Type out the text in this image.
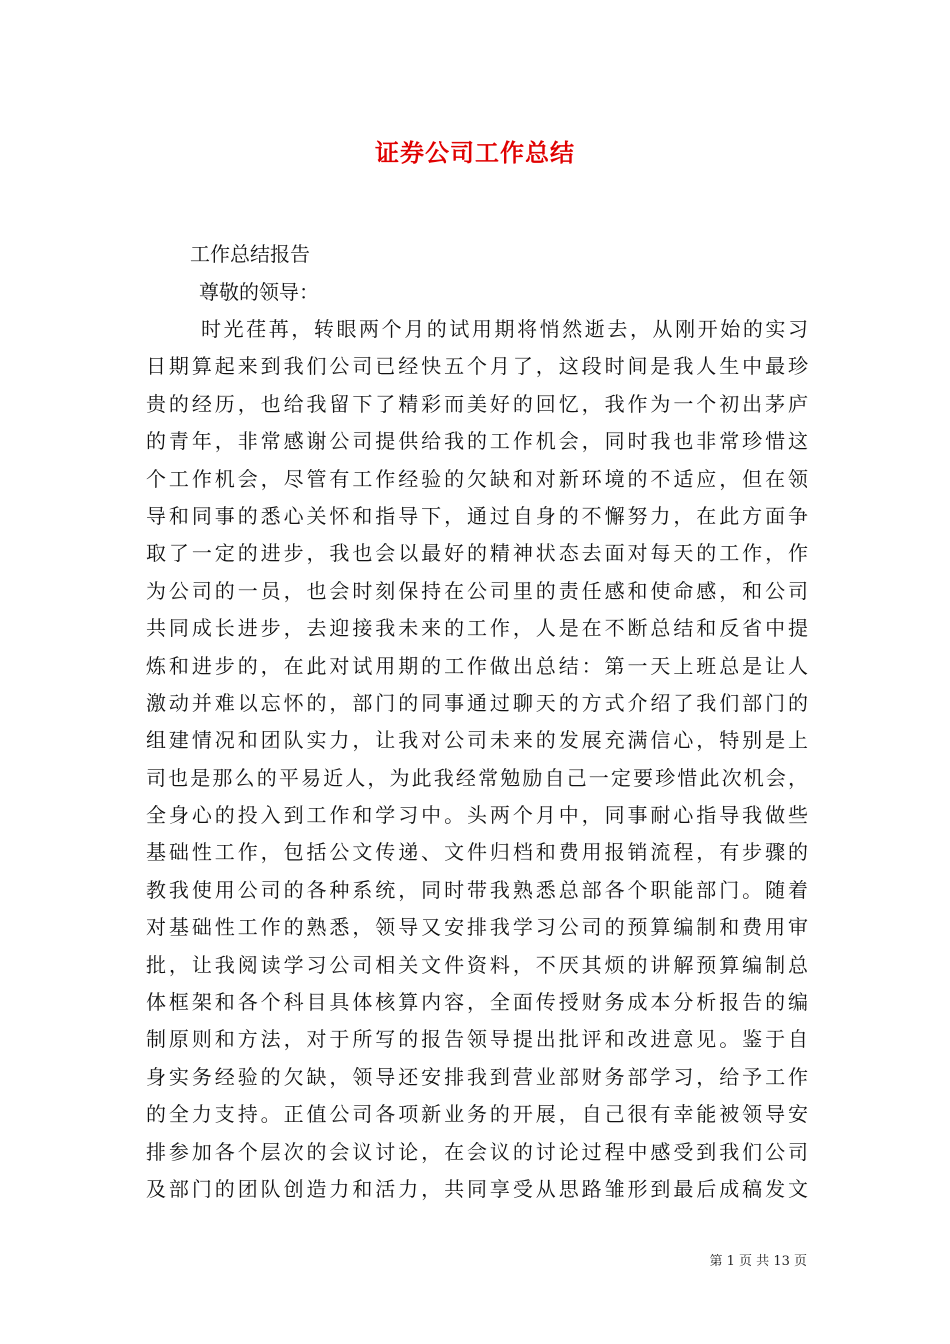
证券公司工作总结
工作总结报告
尊敬的领导：
时光荏苒，转眼两个月的试用期将悄然逝去，从刚开始的实习
日期算起来到我们公司已经快五个月了，这段时间是我人生中最珍
贵的经历，也给我留下了精彩而美好的回忆，我作为一个初出茅庐
的青年，非常感谢公司提供给我的工作机会，同时我也非常珍惜这
个工作机会，尽管有工作经验的欠缺和对新环境的不适应，但在领
导和同事的悉心关怀和指导下，通过自身的不懈努力，在此方面争
取了一定的进步，我也会以最好的精神状态去面对每天的工作，作
为公司的一员，也会时刻保持在公司里的责任感和使命感，和公司
共同成长进步，去迎接我未来的工作，人是在不断总结和反省中提
炼和进步的，在此对试用期的工作做出总结：第一天上班总是让人
激动并难以忘怀的，部门的同事通过聊天的方式介绍了我们部门的
组建情况和团队实力，让我对公司未来的发展充满信心，特别是上
司也是那么的平易近人，为此我经常勉励自己一定要珍惜此次机会，
全身心的投入到工作和学习中。头两个月中，同事耐心指导我做些
基础性工作，包括公文传递、文件归档和费用报销流程，有步骤的
教我使用公司的各种系统，同时带我熟悉总部各个职能部门。随着
对基础性工作的熟悉，领导又安排我学习公司的预算编制和费用审
批，让我阅读学习公司相关文件资料，不厌其烦的讲解预算编制总
体框架和各个科目具体核算内容，全面传授财务成本分析报告的编
制原则和方法，对于所写的报告领导提出批评和改进意见。鉴于自
身实务经验的欠缺，领导还安排我到营业部财务部学习，给予工作
的全力支持。正值公司各项新业务的开展，自己很有幸能被领导安
排参加各个层次的会议讨论，在会议的讨论过程中感受到我们公司
及部门的团队创造力和活力，共同享受从思路雏形到最后成稿发文
第 1 页 共 13 页
